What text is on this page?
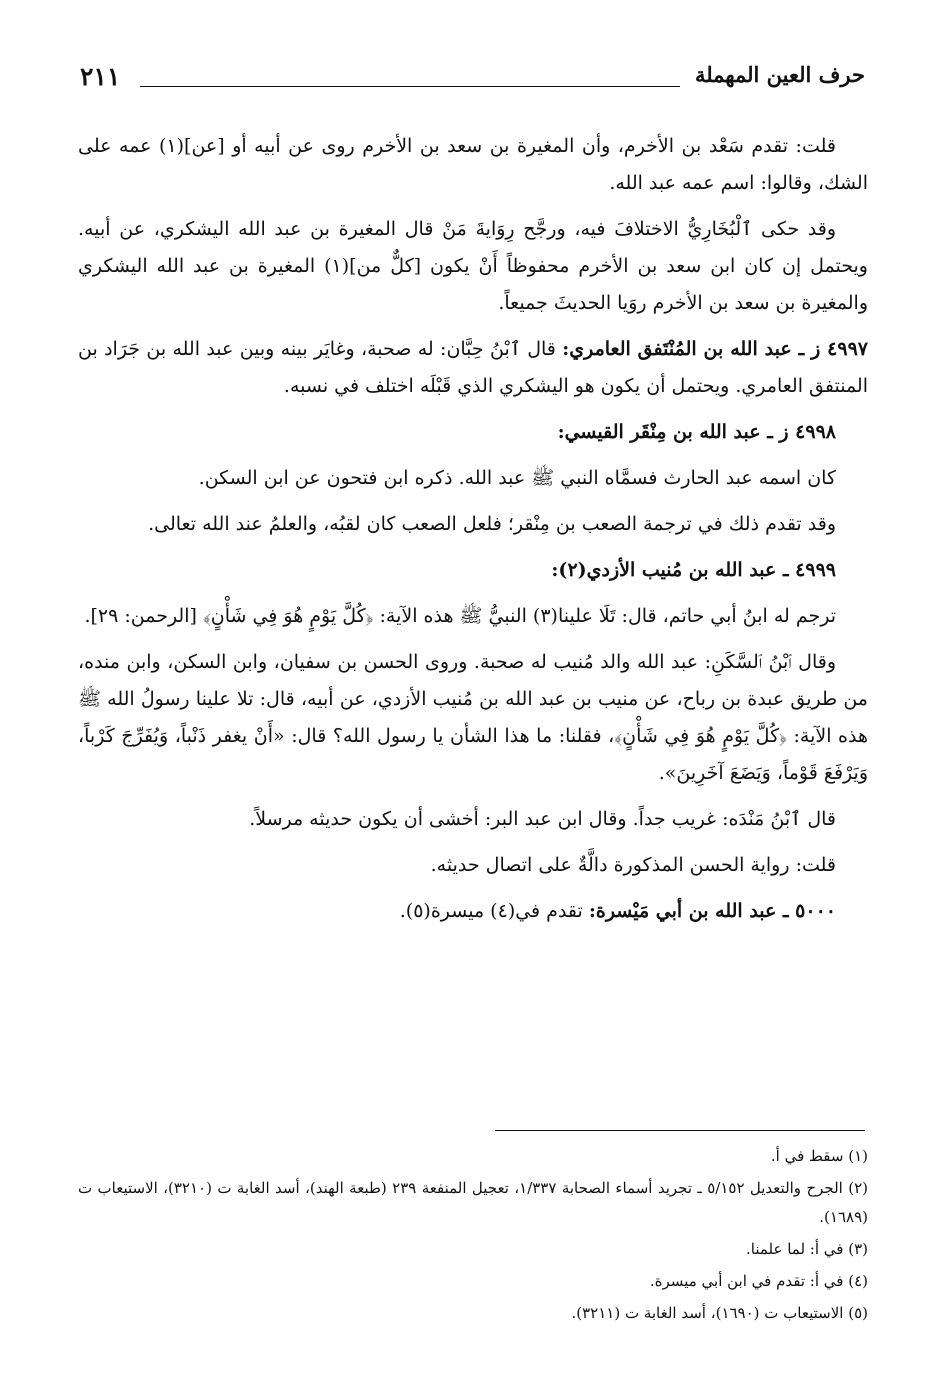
٢١١	حرف العين المهملة

قلت: تقدم سَعْد بن الأخرم، وأن المغيرة بن سعد بن الأخرم روى عن أبيه أو [عن](١) عمه على الشك، وقالوا: اسم عمه عبد الله.

وقد حكى ٱلْبُخَارِيُّ الاختلافَ فيه، ورجَّح رِوَايةَ مَنْ قال المغيرة بن عبد الله اليشكري، عن أبيه. ويحتمل إن كان ابن سعد بن الأخرم محفوظاً أَنْ يكون [كلٌّ من](١) المغيرة بن عبد الله اليشكري والمغيرة بن سعد بن الأخرم روَيا الحديثَ جميعاً.

٤٩٩٧ ز ـ عبد الله بن المُنْتَفق العامري: قال ٱبْنُ حِبَّان: له صحبة، وغايَر بينه وبين عبد الله بن جَرَاد بن المنتفق العامري. ويحتمل أن يكون هو اليشكري الذي قَبْلَه اختلف في نسبه.

٤٩٩٨ ز ـ عبد الله بن مِنْقَر القيسي:

كان اسمه عبد الحارث فسمَّاه النبي ﷺ عبد الله. ذكره ابن فتحون عن ابن السكن.

وقد تقدم ذلك في ترجمة الصعب بن مِنْقر؛ فلعل الصعب كان لقبُه، والعلمُ عند الله تعالى.

٤٩٩٩ ـ عبد الله بن مُنيب الأزدي(٢):

ترجم له ابنُ أبي حاتم، قال: تَلَا علينا(٣) النبيُّ ﷺ هذه الآية: ﴿كُلَّ يَوْمٍ هُوَ فِي شَأْنٍ﴾ [الرحمن: ٢٩].

وقال ٱبْنُ ٱلسَّكَنِ: عبد الله والد مُنيب له صحبة. وروى الحسن بن سفيان، وابن السكن، وابن منده، من طريق عبدة بن رباح، عن منيب بن عبد الله بن مُنيب الأزدي، عن أبيه، قال: تلا علينا رسولُ الله ﷺ هذه الآية: ﴿كُلَّ يَوْمٍ هُوَ فِي شَأْنٍ﴾، فقلنا: ما هذا الشأن يا رسول الله؟ قال: «أَنْ يغفر ذَنْباً، وَيُفَرِّجَ كَرْباً، وَيَرْفَعَ قَوْماً، وَيَضَعَ آخَرِينَ».

قال ٱبْنُ مَنْدَه: غريب جداً. وقال ابن عبد البر: أخشى أن يكون حديثه مرسلاً.

قلت: رواية الحسن المذكورة دالَّةٌ على اتصال حديثه.

٥٠٠٠ ـ عبد الله بن أبي مَيْسرة: تقدم في(٤) ميسرة(٥).

(١) سقط في أ.

(٢) الجرح والتعديل ٥/١٥٢ ـ تجريد أسماء الصحابة ١/٣٣٧، تعجيل المنفعة ٢٣٩ (طبعة الهند)، أسد الغابة ت (٣٢١٠)، الاستيعاب ت (١٦٨٩).

(٣) في أ: لما علمنا.

(٤) في أ: تقدم في ابن أبي ميسرة.

(٥) الاستيعاب ت (١٦٩٠)، أسد الغابة ت (٣٢١١).
